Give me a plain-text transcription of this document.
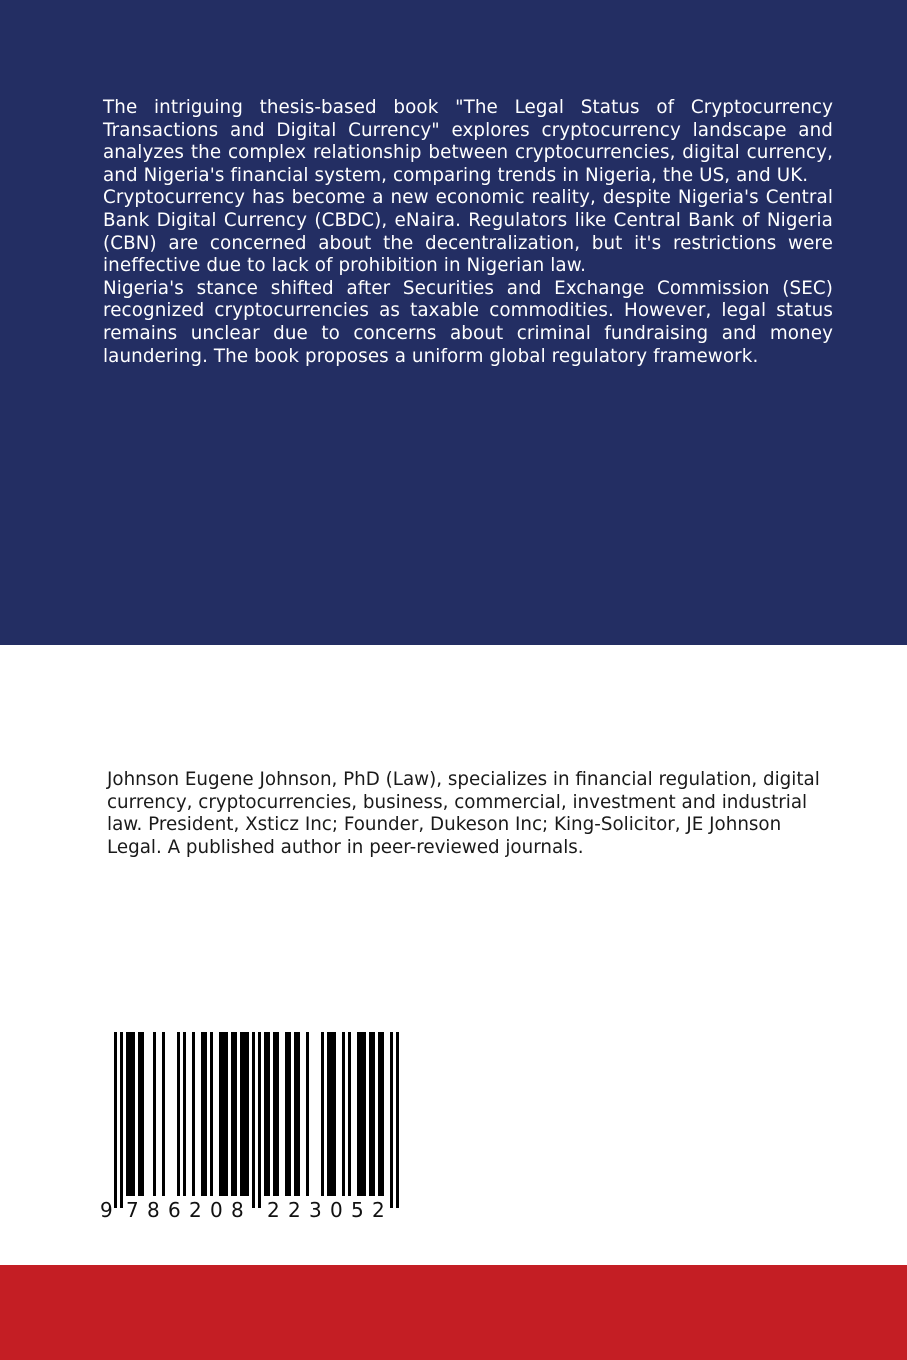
The intriguing thesis-based book "The Legal Status of Cryptocurrency Transactions and Digital Currency" explores cryptocurrency landscape and analyzes the complex relationship between cryptocurrencies, digital currency, and Nigeria's financial system, comparing trends in Nigeria, the US, and UK.

Cryptocurrency has become a new economic reality, despite Nigeria's Central Bank Digital Currency (CBDC), eNaira. Regulators like Central Bank of Nigeria (CBN) are concerned about the decentralization, but it's restrictions were ineffective due to lack of prohibition in Nigerian law.

Nigeria's stance shifted after Securities and Exchange Commission (SEC) recognized cryptocurrencies as taxable commodities. However, legal status remains unclear due to concerns about criminal fundraising and money laundering. The book proposes a uniform global regulatory framework.

Johnson Eugene Johnson, PhD (Law), specializes in financial regulation, digital currency, cryptocurrencies, business, commercial, investment and industrial law. President, Xsticz Inc; Founder, Dukeson Inc; King-Solicitor, JE Johnson Legal. A published author in peer-reviewed journals.

9 7 8 6 2 0 8 2 2 3 0 5 2
